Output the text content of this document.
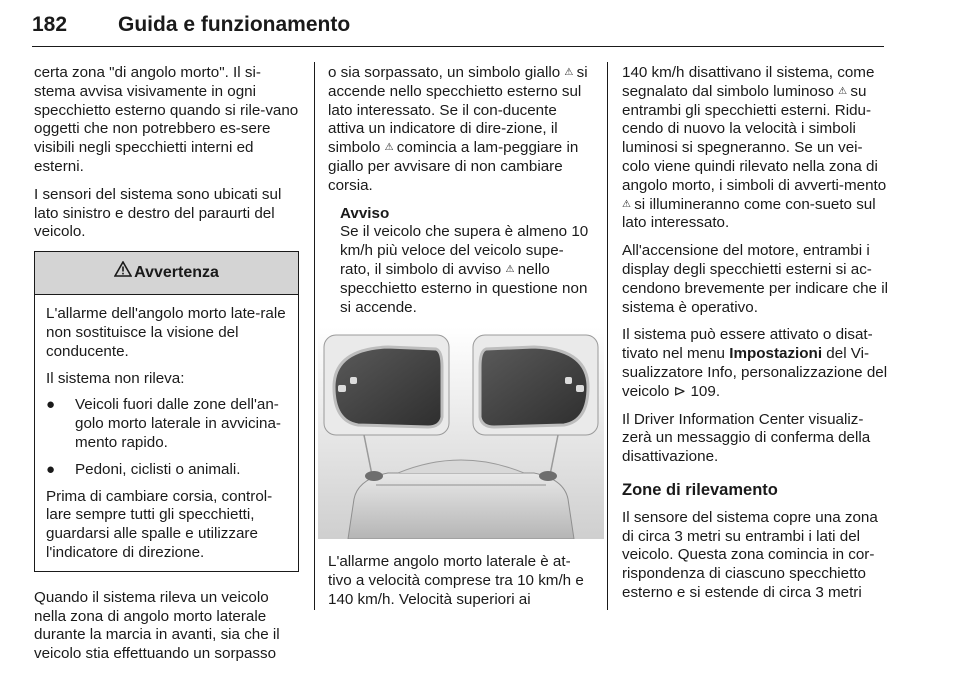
182 Guida e funzionamento

certa zona "di angolo morto". Il si-stema avvisa visivamente in ogni specchietto esterno quando si rile-vano oggetti che non potrebbero es-sere visibili negli specchietti interni ed esterni.

I sensori del sistema sono ubicati sul lato sinistro e destro del paraurti del veicolo.

Avvertenza

L'allarme dell'angolo morto late-rale non sostituisce la visione del conducente.

Il sistema non rileva:

● Veicoli fuori dalle zone dell'an-golo morto laterale in avvicina-mento rapido.
● Pedoni, ciclisti o animali.

Prima di cambiare corsia, control-lare sempre tutti gli specchietti, guardarsi alle spalle e utilizzare l'indicatore di direzione.

Quando il sistema rileva un veicolo nella zona di angolo morto laterale durante la marcia in avanti, sia che il veicolo stia effettuando un sorpasso

o sia sorpassato, un simbolo giallo ⚠ si accende nello specchietto esterno sul lato interessato. Se il con-ducente attiva un indicatore di dire-zione, il simbolo ⚠ comincia a lam-peggiare in giallo per avvisare di non cambiare corsia.

Avviso
Se il veicolo che supera è almeno 10 km/h più veloce del veicolo supe-rato, il simbolo di avviso ⚠ nello specchietto esterno in questione non si accende.

L'allarme angolo morto laterale è at-tivo a velocità comprese tra 10 km/h e 140 km/h. Velocità superiori ai

140 km/h disattivano il sistema, come segnalato dal simbolo luminoso ⚠ su entrambi gli specchietti esterni. Ridu-cendo di nuovo la velocità i simboli luminosi si spegneranno. Se un vei-colo viene quindi rilevato nella zona di angolo morto, i simboli di avverti-mento ⚠ si illumineranno come con-sueto sul lato interessato.

All'accensione del motore, entrambi i display degli specchietti esterni si ac-cendono brevemente per indicare che il sistema è operativo.

Il sistema può essere attivato o disat-tivato nel menu Impostazioni del Vi-sualizzatore Info, personalizzazione del veicolo ⊳ 109.

Il Driver Information Center visualiz-zerà un messaggio di conferma della disattivazione.

Zone di rilevamento

Il sensore del sistema copre una zona di circa 3 metri su entrambi i lati del veicolo. Questa zona comincia in cor-rispondenza di ciascuno specchietto esterno e si estende di circa 3 metri
